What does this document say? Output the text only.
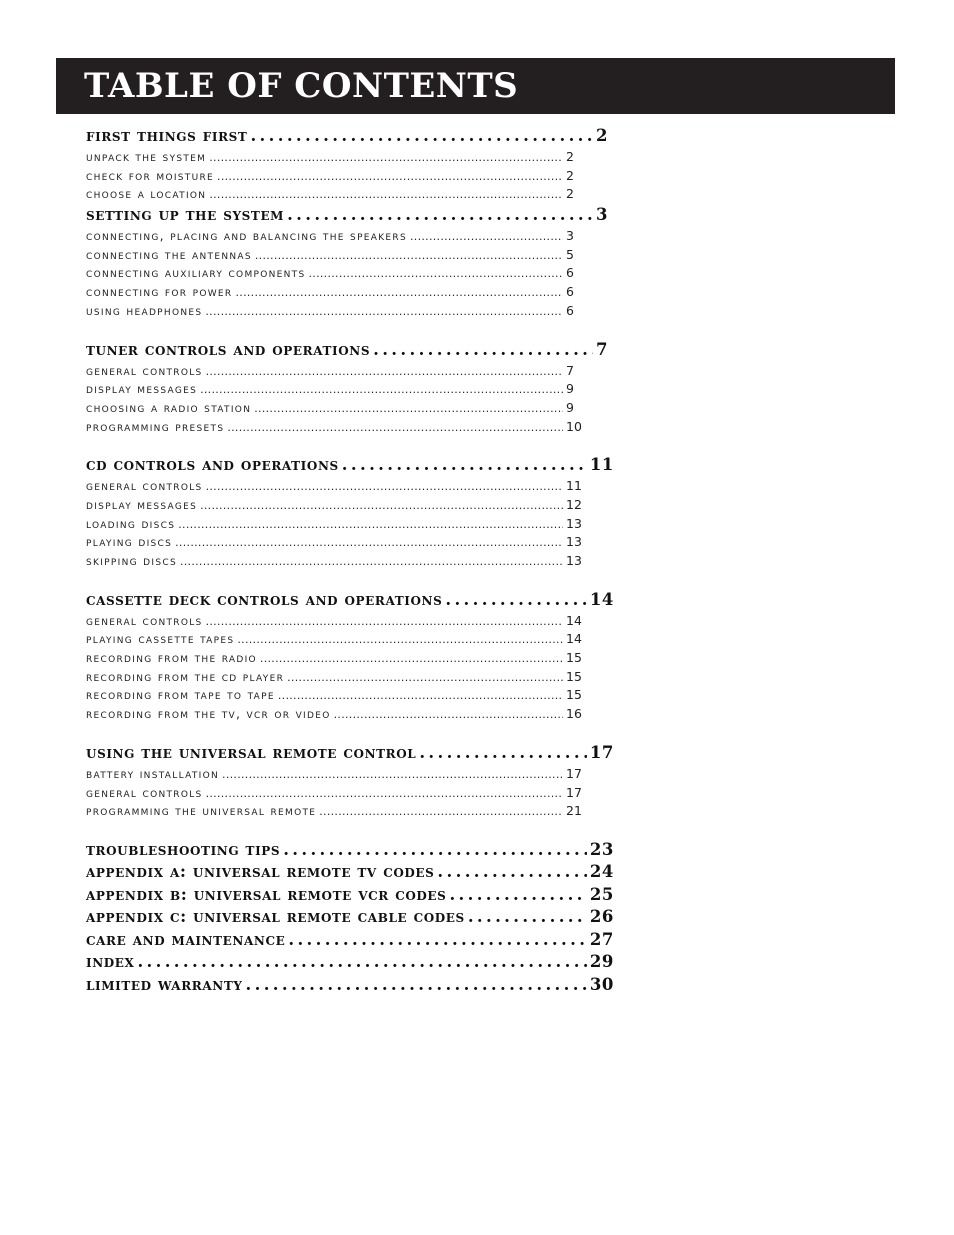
TABLE OF CONTENTS
first things first . . .	2
unpack the system . . .	2
check for moisture . . .	2
choose a location . . .	2
setting up the system . . .	3
connecting, placing and balancing the speakers . . .	3
connecting the antennas . . .	5
connecting auxiliary components . . .	6
connecting for power . . .	6
using headphones . . .	6
tuner controls and operations . . .	7
general controls . . .	7
display messages . . .	9
choosing a radio station . . .	9
programming presets . . .	10
cd controls and operations . . .	11
general controls . . .	11
display messages . . .	12
loading discs . . .	13
playing discs . . .	13
skipping discs . . .	13
cassette deck controls and operations . . .	14
general controls . . .	14
playing cassette tapes . . .	14
recording from the radio . . .	15
recording from the cd player . . .	15
recording from tape to tape . . .	15
recording from the tv, vcr or video . . .	16
using the universal remote control . . .	17
battery installation . . .	17
general controls . . .	17
programming the universal remote . . .	21
troubleshooting tips . . .	23
appendix a: universal remote tv codes . . .	24
appendix b: universal remote vcr codes . . .	25
appendix c: universal remote cable codes . . .	26
care and maintenance . . .	27
index . . .	29
limited warranty . . .	30
